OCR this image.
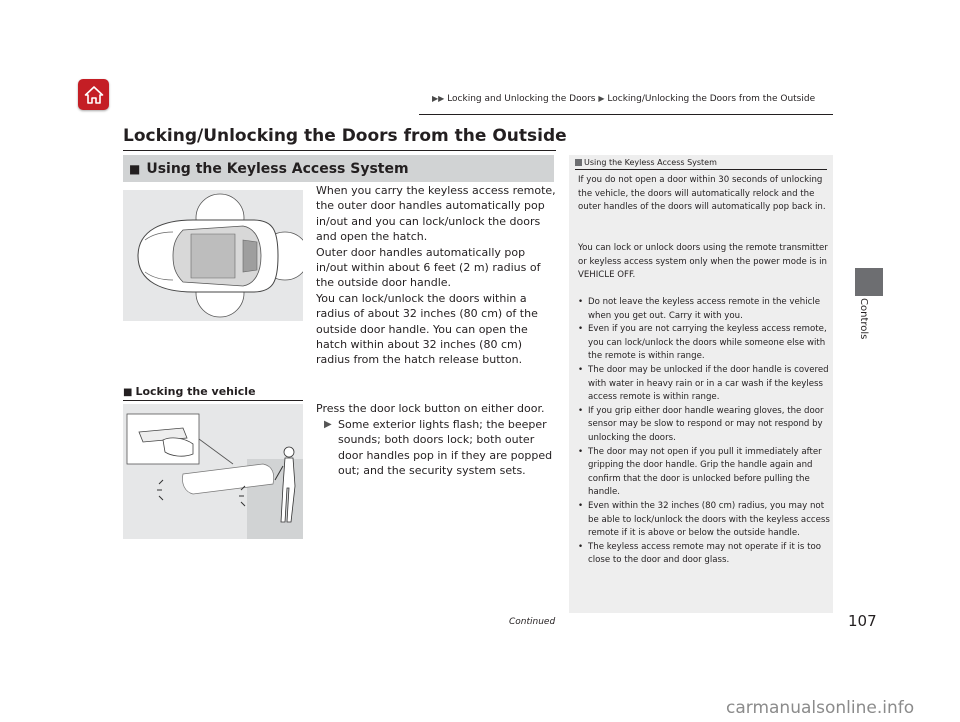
▶▶ Locking and Unlocking the Doors ▶ Locking/Unlocking the Doors from the Outside
Controls
Locking/Unlocking the Doors from the Outside
■ Using the Keyless Access System

When you carry the keyless access remote, the outer door handles automatically pop in/out and you can lock/unlock the doors and open the hatch.

Outer door handles automatically pop in/out within about 6 feet (2 m) radius of the outside door handle.

You can lock/unlock the doors within a radius of about 32 inches (80 cm) of the outside door handle. You can open the hatch within about 32 inches (80 cm) radius from the hatch release button.

■ Locking the vehicle
Press the door lock button on either door.
▶ Some exterior lights flash; the beeper sounds; both doors lock; both outer door handles pop in if they are popped out; and the security system sets.
Using the Keyless Access System

If you do not open a door within 30 seconds of unlocking the vehicle, the doors will automatically relock and the outer handles of the doors will automatically pop back in.

You can lock or unlock doors using the remote transmitter or keyless access system only when the power mode is in VEHICLE OFF.

• Do not leave the keyless access remote in the vehicle when you get out. Carry it with you.
• Even if you are not carrying the keyless access remote, you can lock/unlock the doors while someone else with the remote is within range.
• The door may be unlocked if the door handle is covered with water in heavy rain or in a car wash if the keyless access remote is within range.
• If you grip either door handle wearing gloves, the door sensor may be slow to respond or may not respond by unlocking the doors.
• The door may not open if you pull it immediately after gripping the door handle. Grip the handle again and confirm that the door is unlocked before pulling the handle.
• Even within the 32 inches (80 cm) radius, you may not be able to lock/unlock the doors with the keyless access remote if it is above or below the outside handle.
• The keyless access remote may not operate if it is too close to the door and door glass.
Continued	107
carmanualsonline.info
